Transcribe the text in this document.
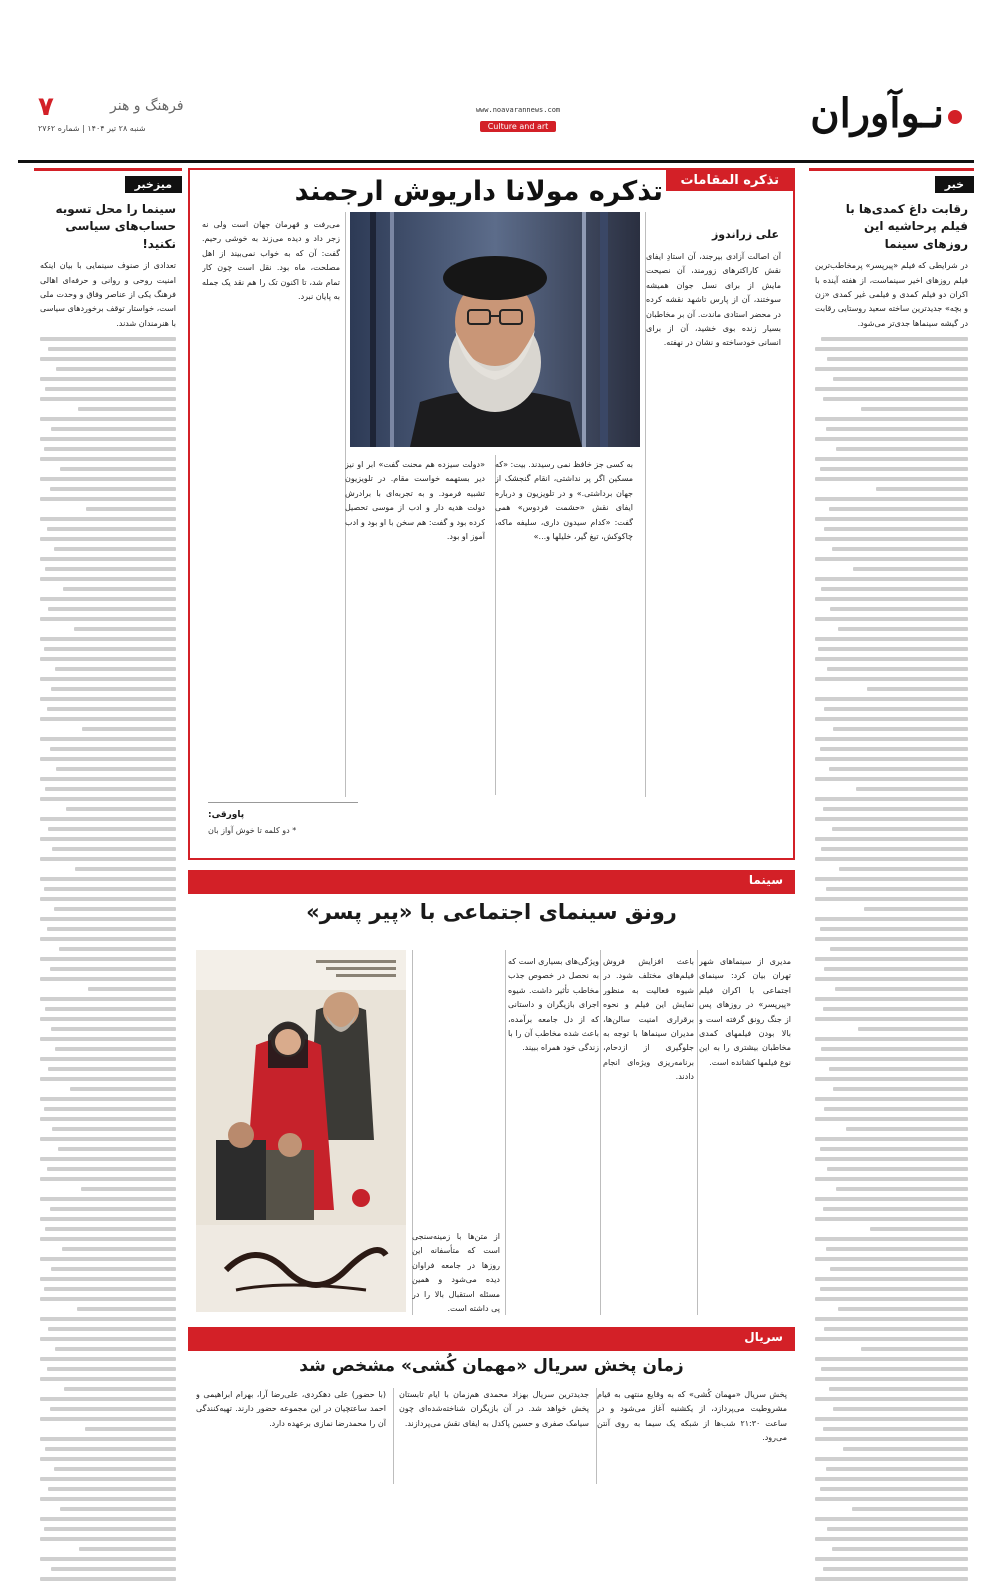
نـوآوران
www.noavarannews.com
Culture and art
فرهنگ و هنر
۷
شنبه ۲۸ تیر ۱۴۰۴ | شماره ۲۷۶۲
خبر
رقابت داغ کمدی‌ها با فیلم پرحاشیه این روزهای سینما

در شرایطی که فیلم «پیرپسر» پرمخاطب‌ترین فیلم روزهای اخیر سینماست، از هفته آینده با اکران دو فیلم کمدی و فیلمی غیر کمدی «زن و بچه» جدیدترین ساخته سعید روستایی رقابت در گیشه سینماها جدی‌تر می‌شود.

میزخبر
سینما را محل تسویه حساب‌های سیاسی نکنید!

تعدادی از صنوف سینمایی با بیان اینکه امنیت روحی و روانی و حرفه‌ای اهالی فرهنگ یکی از عناصر وفاق و وحدت ملی است، خواستار توقف برخوردهای سیاسی با هنرمندان شدند.

تذکره المقامات
تذکره مولانا داریوش ارجمند
علی زراندوز

آن اصالت آزادی بیرجند، آن استادِ ایفای نقش کاراکترهای زورمند، آن نصیحت مایش از برای نسل جوان همیشه سوختند، آن از پارس تاشهد نقشه کرده در محضر استادی ماندت. آن بر مخاطبان بسیار زنده بوی خشید، آن از برای انسانی خودساخته و نشان در نهفته.

به کسی جز خافظ نمی رسیدند. بیت: «که مسکین اگر پر نداشتی، انقام گنجشک از جهان برداشتی.» و در تلویزیون و درباره ایفای نقش «حشمت فردوس» همی گفت: «کدام سیدون داری، سلیفه ماکه، چاکوکش، تیغ گیر، خلیلها و...»

«دولت سیزده هم محنت گفت» ابر او نیز دیر بستهمه خواست مقام. در تلویزیون تشبیه فرمود. و به تجربه‌ای با برادرش دولت هدیه دار و ادب از موسی تحصیل کرده بود و گفت: هم سخن با او بود و ادب آموز او بود.

می‌رفت و قهرمان جهان است ولی نه زجر داد و دیده می‌زند به خوشی رحیم. گفت: آن که به خواب نمی‌بیند از اهل مصلحت، ماه بود. نقل است چون کار تمام شد، تا اکنون تک را هم نقد یک جمله به پایان نبرد.

پاورقی:
* دو کلمه تا خوش آواز بان
سینما
رونق سینمای اجتماعی با «پیر پسر»

مدیری از سینماهای شهر تهران بیان کرد: سینمای اجتماعی با اکران فیلم «پیرپسر» در روزهای پس از جنگ رونق گرفته است و بالا بودن فیلمهای کمدی مخاطبان بیشتری را به این نوع فیلمها کشانده است.

باعث افزایش فروش فیلم‌های مختلف شود. در شیوه فعالیت به منظور نمایش این فیلم و نحوه برقراری امنیت سالن‌ها، مدیران سینماها با توجه به جلوگیری از ازدحام، برنامه‌ریزی ویژه‌ای انجام دادند.

ویژگی‌های بسیاری است که به نحصل در خصوص جذب مخاطب تأثیر داشت. شیوه اجرای بازیگران و داستانی که از دل جامعه برآمده، باعث شده مخاطب آن را با زندگی خود همراه ببیند.

از متن‌ها با زمینه‌سنجی است که متأسفانه این روزها در جامعه فراوان دیده می‌شود و همین مسئله استقبال بالا را در پی داشته است.

سریال
زمان پخش سریال «مهمان کُشی» مشخص شد

پخش سریال «مهمان کُشی» که به وقایع منتهی به قیام مشروطیت می‌پردازد، از یکشنبه آغاز می‌شود و در ساعت ۲۱:۳۰ شب‌ها از شبکه یک سیما به روی آنتن می‌رود.

جدیدترین سریال بهزاد محمدی هم‌زمان با ایام تابستان پخش خواهد شد. در آن بازیگران شناخته‌شده‌ای چون سیامک صفری و حسین پاکدل به ایفای نقش می‌پردازند.

(با حضور) علی دهکردی، علی‌رضا آرا، بهرام ابراهیمی و احمد ساعتچیان در این مجموعه حضور دارند. تهیه‌کنندگی آن را محمدرضا نمازی برعهده دارد.
